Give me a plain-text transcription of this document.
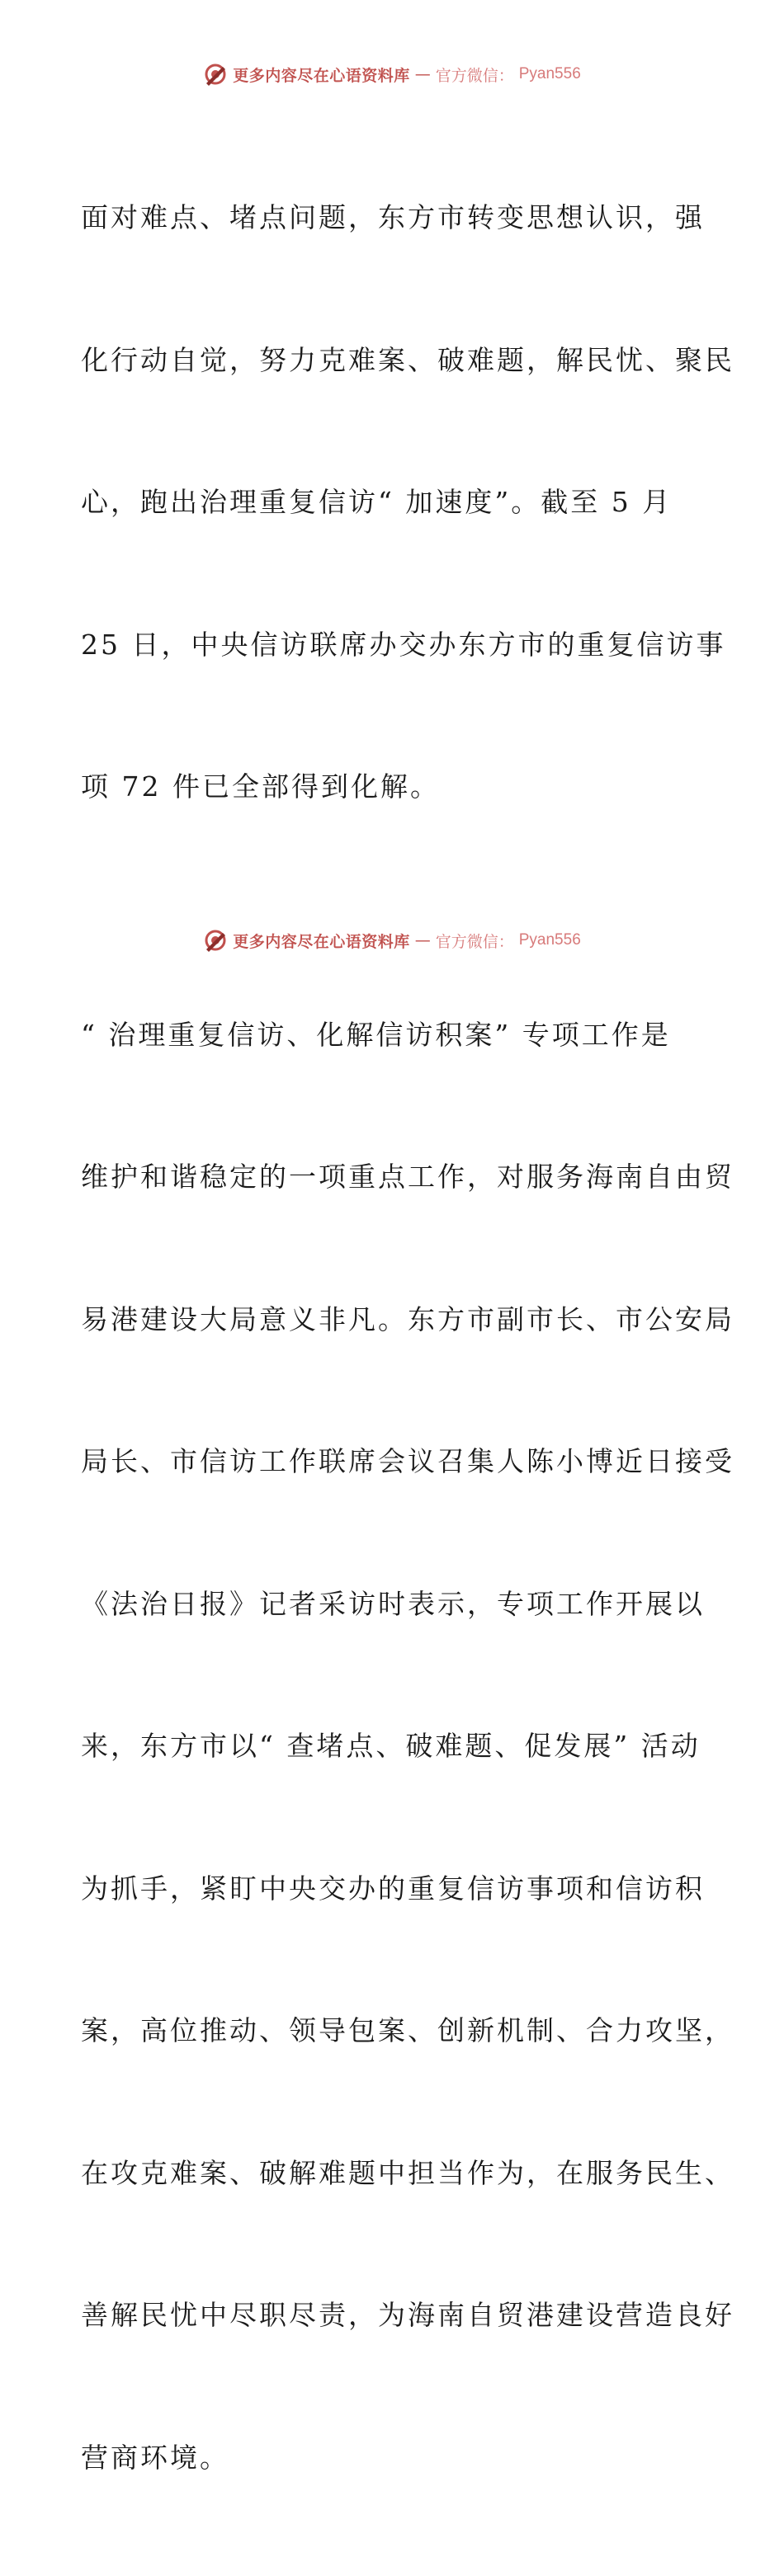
更多内容尽在心语资料库 — 官方微信： Pyan556

面对难点、堵点问题，东方市转变思想认识，强

化行动自觉，努力克难案、破难题，解民忧、聚民

心，跑出治理重复信访“ 加速度”。截至 5 月

25 日，中央信访联席办交办东方市的重复信访事

项 72 件已全部得到化解。

“ 治理重复信访、化解信访积案” 专项工作是

维护和谐稳定的一项重点工作，对服务海南自由贸

易港建设大局意义非凡。东方市副市长、市公安局

局长、市信访工作联席会议召集人陈小博近日接受

《法治日报》记者采访时表示，专项工作开展以

来，东方市以“ 查堵点、破难题、促发展” 活动

为抓手，紧盯中央交办的重复信访事项和信访积

案，高位推动、领导包案、创新机制、合力攻坚，

在攻克难案、破解难题中担当作为，在服务民生、

善解民忧中尽职尽责，为海南自贸港建设营造良好

营商环境。

更多内容尽在心语资料库 — 官方微信： Pyan556
